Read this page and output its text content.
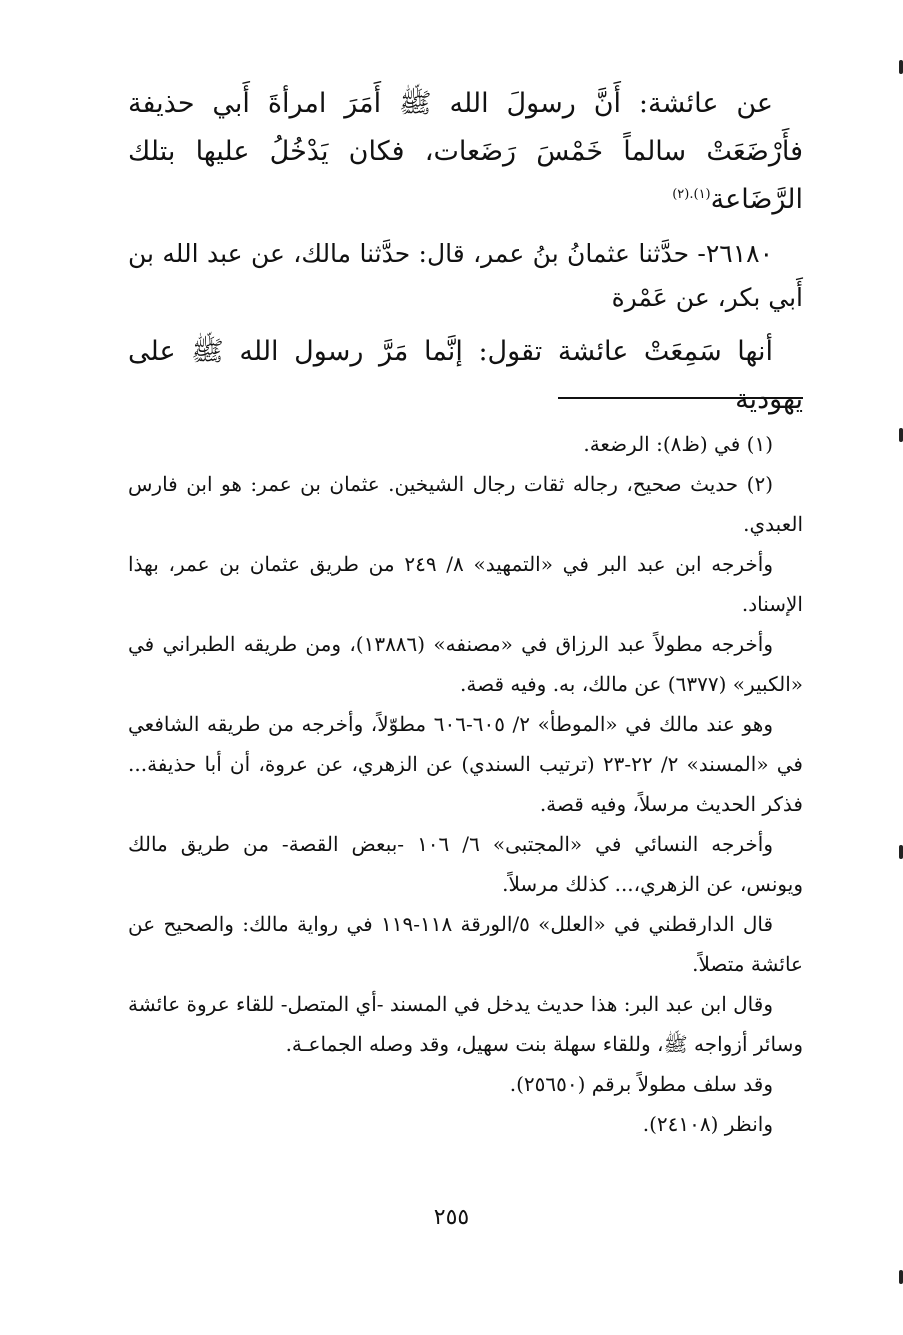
عن عائشة: أَنَّ رسولَ الله ﷺ أَمَرَ امرأةَ أَبي حذيفة فأَرْضَعَتْ سالماً خَمْسَ رَضَعات، فكان يَدْخُلُ عليها بتلك الرَّضَاعة$^{(١).(٢)}$

٢٦١٨٠- حدَّثنا عثمانُ بنُ عمر، قال: حدَّثنا مالك، عن عبد الله بن أَبي بكر، عن عَمْرة

أنها سَمِعَتْ عائشة تقول: إنَّما مَرَّ رسول الله ﷺ على يهودية

(١) في (ظ٨): الرضعة.

(٢) حديث صحيح، رجاله ثقات رجال الشيخين. عثمان بن عمر: هو ابن فارس العبدي.

وأخرجه ابن عبد البر في «التمهيد» ٨/ ٢٤٩ من طريق عثمان بن عمر، بهذا الإسناد.

وأخرجه مطولاً عبد الرزاق في «مصنفه» (١٣٨٨٦)، ومن طريقه الطبراني في «الكبير» (٦٣٧٧) عن مالك، به. وفيه قصة.

وهو عند مالك في «الموطأ» ٢/ ٦٠٥-٦٠٦ مطوّلاً، وأخرجه من طريقه الشافعي في «المسند» ٢/ ٢٢-٢٣ (ترتيب السندي) عن الزهري، عن عروة، أن أبا حذيفة... فذكر الحديث مرسلاً، وفيه قصة.

وأخرجه النسائي في «المجتبى» ٦/ ١٠٦ -ببعض القصة- من طريق مالك ويونس، عن الزهري،... كذلك مرسلاً.

قال الدارقطني في «العلل» ٥/الورقة ١١٨-١١٩ في رواية مالك: والصحيح عن عائشة متصلاً.

وقال ابن عبد البر: هذا حديث يدخل في المسند -أي المتصل- للقاء عروة عائشة وسائر أزواجه ﷺ، وللقاء سهلة بنت سهيل، وقد وصله الجماعـة.

وقد سلف مطولاً برقم (٢٥٦٥٠).

وانظر (٢٤١٠٨).

٢٥٥
